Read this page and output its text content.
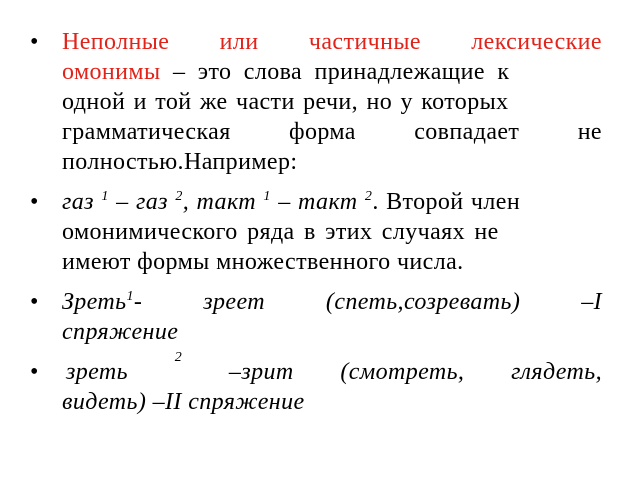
• Неполные или частичные лексические
омонимы – это слова принадлежащие к
одной и той же части речи, но у которых
грамматическая форма совпадает не
полностью.Например:
• газ $^1$ – газ $^2$, такт $^1$ – такт $^2$. Второй член
омонимического ряда в этих случаях не
имеют формы множественного числа.
• Зреть$^1$-	зреет	(спеть,созревать)	–I
спряжение
• зреть
2
–зрит (смотреть, глядеть,
видеть) –II спряжение
